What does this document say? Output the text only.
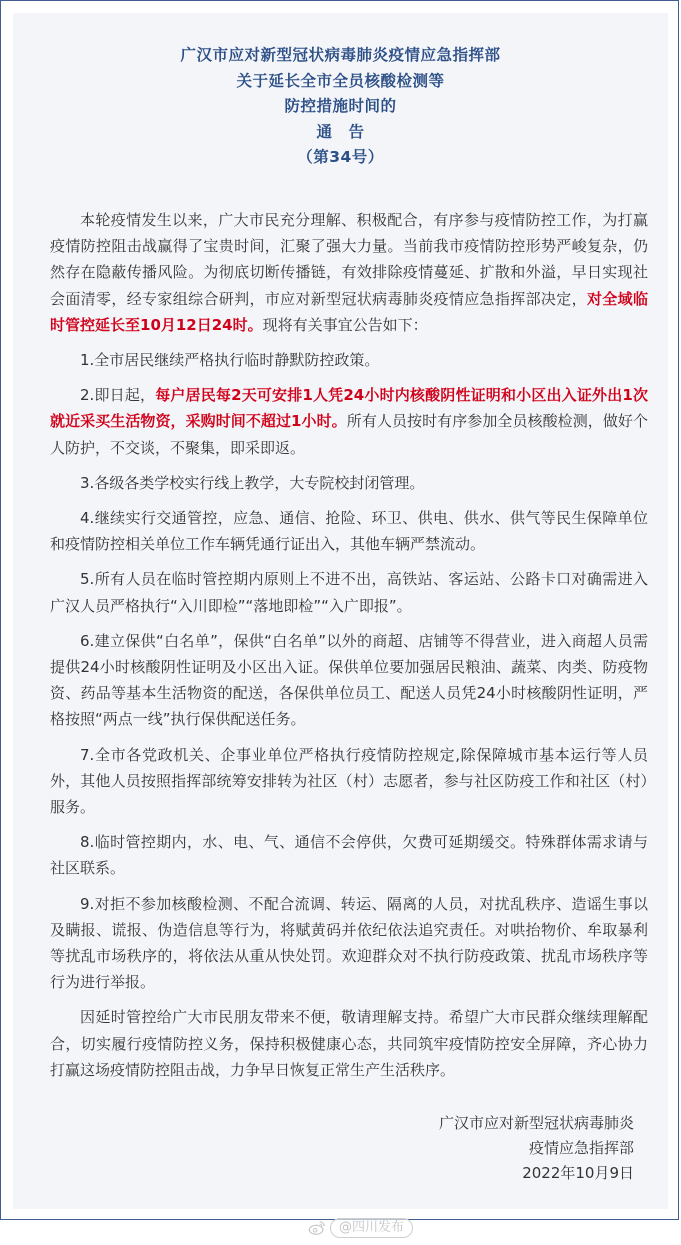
广汉市应对新型冠状病毒肺炎疫情应急指挥部
关于延长全市全员核酸检测等
防控措施时间的
通　告
（第34号）

本轮疫情发生以来，广大市民充分理解、积极配合，有序参与疫情防控工作，为打赢疫情防控阻击战赢得了宝贵时间，汇聚了强大力量。当前我市疫情防控形势严峻复杂，仍然存在隐蔽传播风险。为彻底切断传播链，有效排除疫情蔓延、扩散和外溢，早日实现社会面清零，经专家组综合研判，市应对新型冠状病毒肺炎疫情应急指挥部决定，对全域临时管控延长至10月12日24时。现将有关事宜公告如下：

1.全市居民继续严格执行临时静默防控政策。

2.即日起，每户居民每2天可安排1人凭24小时内核酸阴性证明和小区出入证外出1次就近采买生活物资，采购时间不超过1小时。所有人员按时有序参加全员核酸检测，做好个人防护，不交谈，不聚集，即采即返。

3.各级各类学校实行线上教学，大专院校封闭管理。

4.继续实行交通管控，应急、通信、抢险、环卫、供电、供水、供气等民生保障单位和疫情防控相关单位工作车辆凭通行证出入，其他车辆严禁流动。

5.所有人员在临时管控期内原则上不进不出，高铁站、客运站、公路卡口对确需进入广汉人员严格执行“入川即检”“落地即检”“入广即报”。

6.建立保供“白名单”，保供“白名单”以外的商超、店铺等不得营业，进入商超人员需提供24小时核酸阴性证明及小区出入证。保供单位要加强居民粮油、蔬菜、肉类、防疫物资、药品等基本生活物资的配送，各保供单位员工、配送人员凭24小时核酸阴性证明，严格按照“两点一线”执行保供配送任务。

7.全市各党政机关、企事业单位严格执行疫情防控规定,除保障城市基本运行等人员外，其他人员按照指挥部统筹安排转为社区（村）志愿者，参与社区防疫工作和社区（村）服务。

8.临时管控期内，水、电、气、通信不会停供，欠费可延期缓交。特殊群体需求请与社区联系。

9.对拒不参加核酸检测、不配合流调、转运、隔离的人员，对扰乱秩序、造谣生事以及瞒报、谎报、伪造信息等行为，将赋黄码并依纪依法追究责任。对哄抬物价、牟取暴利等扰乱市场秩序的，将依法从重从快处罚。欢迎群众对不执行防疫政策、扰乱市场秩序等行为进行举报。

因延时管控给广大市民朋友带来不便，敬请理解支持。希望广大市民群众继续理解配合，切实履行疫情防控义务，保持积极健康心态，共同筑牢疫情防控安全屏障，齐心协力打赢这场疫情防控阻击战，力争早日恢复正常生产生活秩序。

广汉市应对新型冠状病毒肺炎
疫情应急指挥部
2022年10月9日
@四川发布
